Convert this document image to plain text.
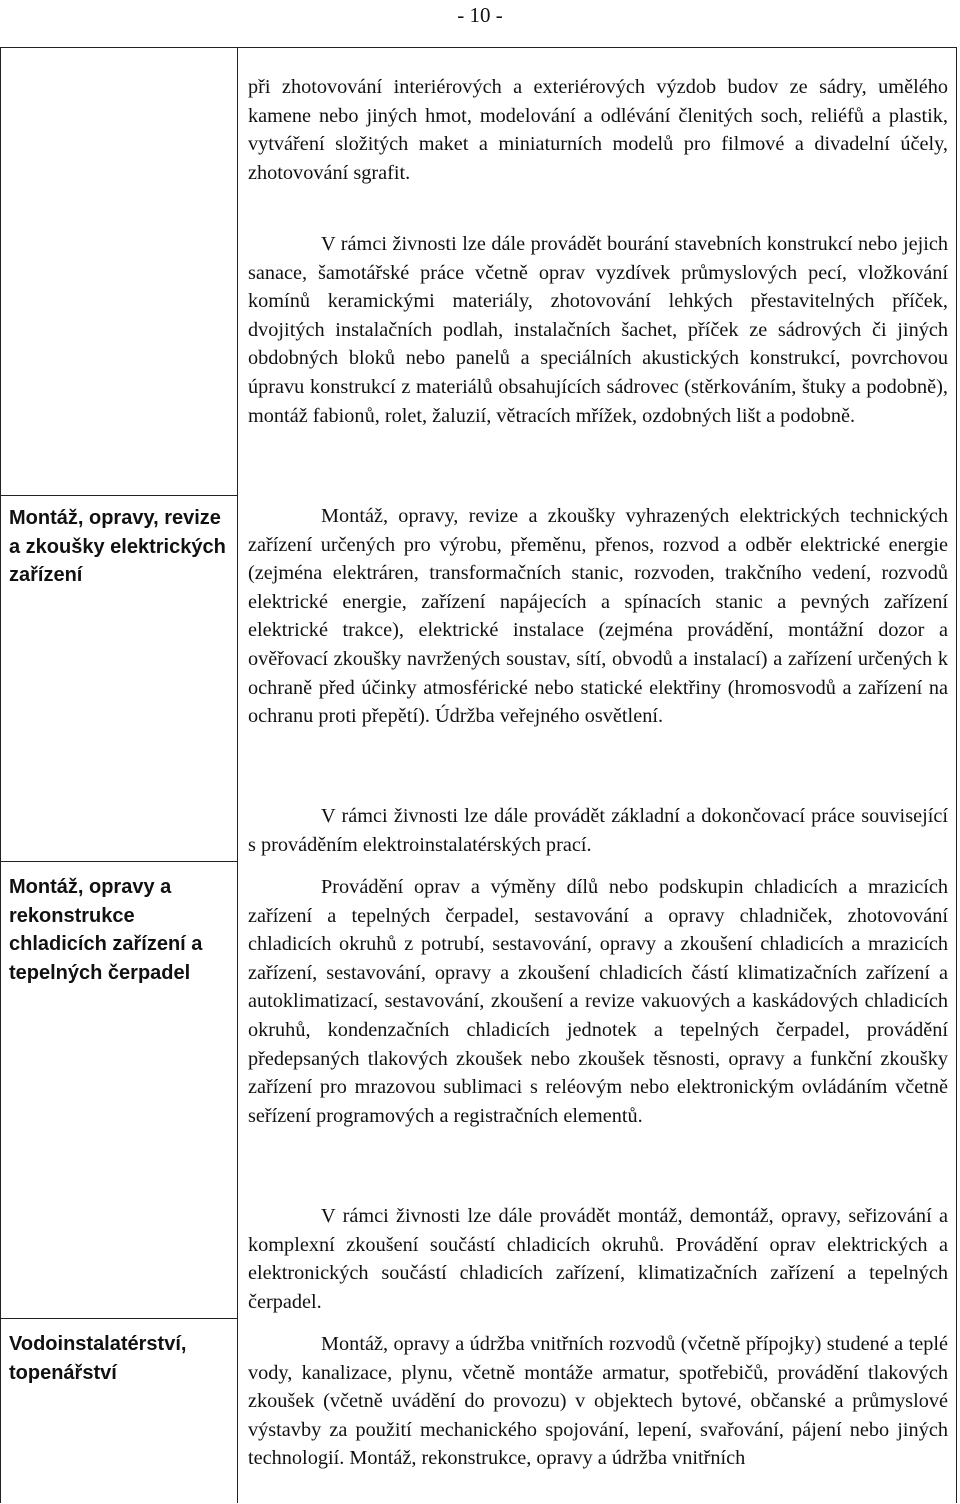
- 10 -
Montáž, opravy, revize a zkoušky elektrických zařízení
Montáž, opravy a rekonstrukce chladicích zařízení a tepelných čerpadel
Vodoinstalatérství, topenářství

při zhotovování interiérových a exteriérových výzdob budov ze sádry, umělého kamene nebo jiných hmot, modelování a odlévání členitých soch, reliéfů a plastik, vytváření složitých maket a miniaturních modelů pro filmové a divadelní účely, zhotovování sgrafit.

V rámci živnosti lze dále provádět bourání stavebních konstrukcí nebo jejich sanace, šamotářské práce včetně oprav vyzdívek průmyslových pecí, vložkování komínů keramickými materiály, zhotovování lehkých přestavitelných příček, dvojitých instalačních podlah, instalačních šachet, příček ze sádrových či jiných obdobných bloků nebo panelů a speciálních akustických konstrukcí, povrchovou úpravu konstrukcí z materiálů obsahujících sádrovec (stěrkováním, štuky a podobně), montáž fabionů, rolet, žaluzií, větracích mřížek, ozdobných lišt a podobně.

Montáž, opravy, revize a zkoušky vyhrazených elektrických technických zařízení určených pro výrobu, přeměnu, přenos, rozvod a odběr elektrické energie (zejména elektráren, transformačních stanic, rozvoden, trakčního vedení, rozvodů elektrické energie, zařízení napájecích a spínacích stanic a pevných zařízení elektrické trakce), elektrické instalace (zejména provádění, montážní dozor a ověřovací zkoušky navržených soustav, sítí, obvodů a instalací) a zařízení určených k ochraně před účinky atmosférické nebo statické elektřiny (hromosvodů a zařízení na ochranu proti přepětí). Údržba veřejného osvětlení.

V rámci živnosti lze dále provádět základní a dokončovací práce související s prováděním elektroinstalatérských prací.

Provádění oprav a výměny dílů nebo podskupin chladicích a mrazicích zařízení a tepelných čerpadel, sestavování a opravy chladniček, zhotovování chladicích okruhů z potrubí, sestavování, opravy a zkoušení chladicích a mrazicích zařízení, sestavování, opravy a zkoušení chladicích částí klimatizačních zařízení a autoklimatizací, sestavování, zkoušení a revize vakuových a kaskádových chladicích okruhů, kondenzačních chladicích jednotek a tepelných čerpadel, provádění předepsaných tlakových zkoušek nebo zkoušek těsnosti, opravy a funkční zkoušky zařízení pro mrazovou sublimaci s reléovým nebo elektronickým ovládáním včetně seřízení programových a registračních elementů.

V rámci živnosti lze dále provádět montáž, demontáž, opravy, seřizování a komplexní zkoušení součástí chladicích okruhů. Provádění oprav elektrických a elektronických součástí chladicích zařízení, klimatizačních zařízení a tepelných čerpadel.

Montáž, opravy a údržba vnitřních rozvodů (včetně přípojky) studené a teplé vody, kanalizace, plynu, včetně montáže armatur, spotřebičů, provádění tlakových zkoušek (včetně uvádění do provozu) v objektech bytové, občanské a průmyslové výstavby za použití mechanického spojování, lepení, svařování, pájení nebo jiných technologií. Montáž, rekonstrukce, opravy a údržba vnitřních
